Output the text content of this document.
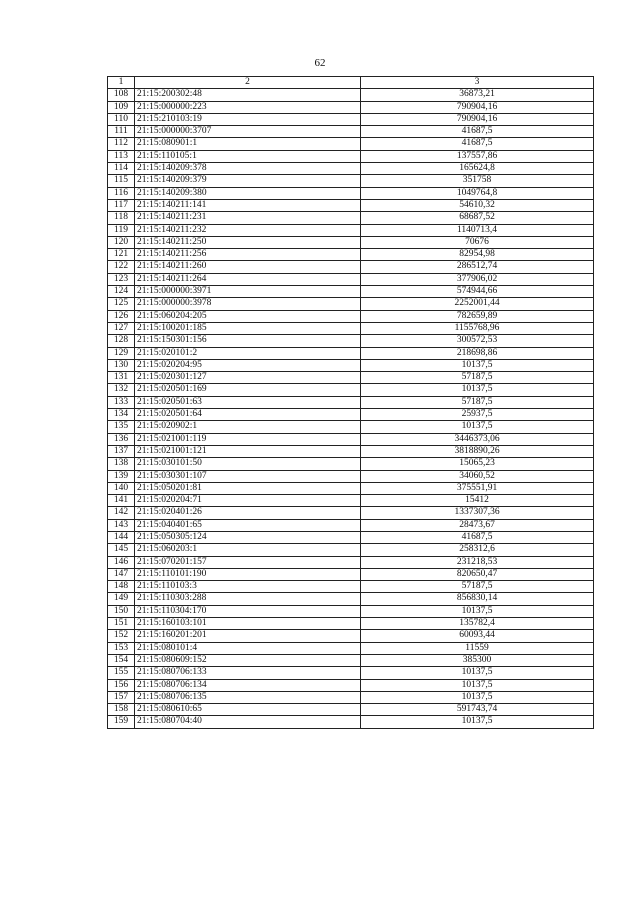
62
1	2	3
108	21:15:200302:48	36873,21
109	21:15:000000:223	790904,16
110	21:15:210103:19	790904,16
111	21:15:000000:3707	41687,5
112	21:15:080901:1	41687,5
113	21:15:110105:1	137557,86
114	21:15:140209:378	165624,8
115	21:15:140209:379	351758
116	21:15:140209:380	1049764,8
117	21:15:140211:141	54610,32
118	21:15:140211:231	68687,52
119	21:15:140211:232	1140713,4
120	21:15:140211:250	70676
121	21:15:140211:256	82954,98
122	21:15:140211:260	286512,74
123	21:15:140211:264	377906,02
124	21:15:000000:3971	574944,66
125	21:15:000000:3978	2252001,44
126	21:15:060204:205	782659,89
127	21:15:100201:185	1155768,96
128	21:15:150301:156	300572,53
129	21:15:020101:2	218698,86
130	21:15:020204:95	10137,5
131	21:15:020301:127	57187,5
132	21:15:020501:169	10137,5
133	21:15:020501:63	57187,5
134	21:15:020501:64	25937,5
135	21:15:020902:1	10137,5
136	21:15:021001:119	3446373,06
137	21:15:021001:121	3818890,26
138	21:15:030101:50	15065,23
139	21:15:030301:107	34060,52
140	21:15:050201:81	375551,91
141	21:15:020204:71	15412
142	21:15:020401:26	1337307,36
143	21:15:040401:65	28473,67
144	21:15:050305:124	41687,5
145	21:15:060203:1	258312,6
146	21:15:070201:157	231218,53
147	21:15:110101:190	820650,47
148	21:15:110103:3	57187,5
149	21:15:110303:288	856830,14
150	21:15:110304:170	10137,5
151	21:15:160103:101	135782,4
152	21:15:160201:201	60093,44
153	21:15:080101:4	11559
154	21:15:080609:152	385300
155	21:15:080706:133	10137,5
156	21:15:080706:134	10137,5
157	21:15:080706:135	10137,5
158	21:15:080610:65	591743,74
159	21:15:080704:40	10137,5
